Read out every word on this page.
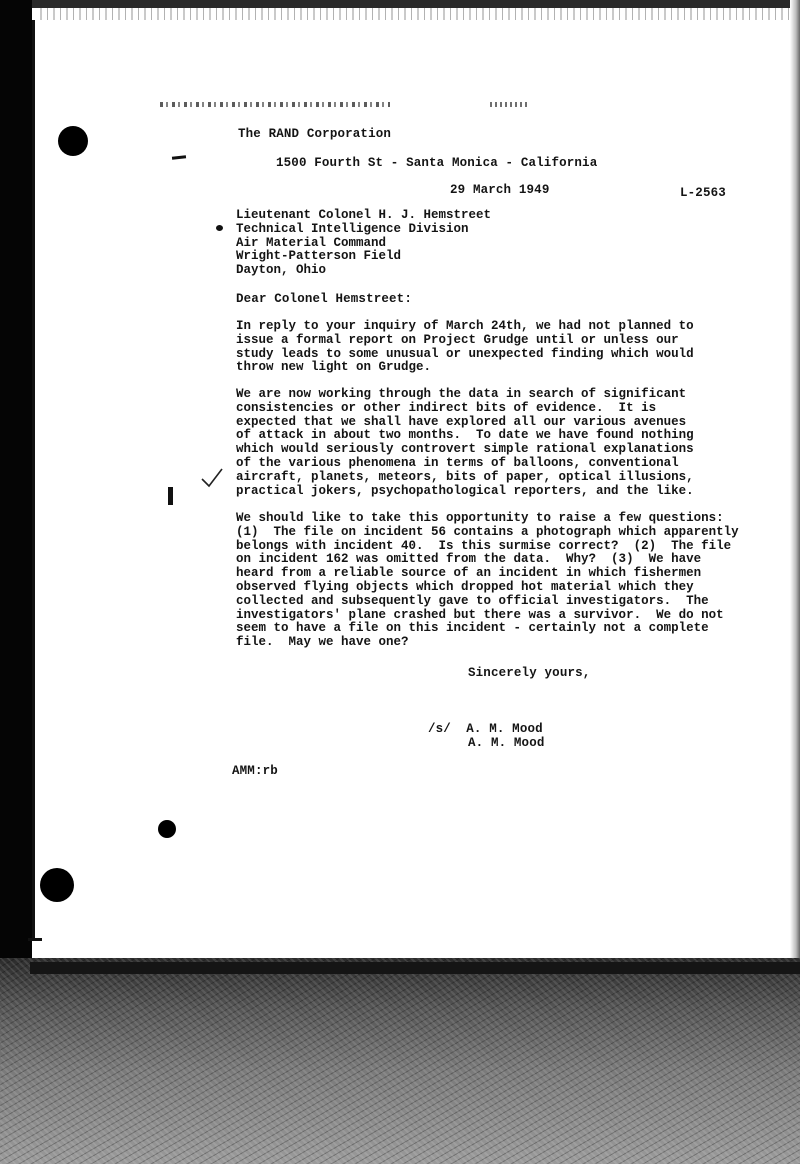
The RAND Corporation
1500 Fourth St - Santa Monica - California
29 March 1949	L-2563
Lieutenant Colonel H. J. Hemstreet
Technical Intelligence Division
Air Material Command
Wright-Patterson Field
Dayton, Ohio
Dear Colonel Hemstreet:
In reply to your inquiry of March 24th, we had not planned to
issue a formal report on Project Grudge until or unless our
study leads to some unusual or unexpected finding which would
throw new light on Grudge.
We are now working through the data in search of significant
consistencies or other indirect bits of evidence.  It is
expected that we shall have explored all our various avenues
of attack in about two months.  To date we have found nothing
which would seriously controvert simple rational explanations
of the various phenomena in terms of balloons, conventional
aircraft, planets, meteors, bits of paper, optical illusions,
practical jokers, psychopathological reporters, and the like.
We should like to take this opportunity to raise a few questions:
(1)  The file on incident 56 contains a photograph which apparently
belongs with incident 40.  Is this surmise correct?  (2)  The file
on incident 162 was omitted from the data.  Why?  (3)  We have
heard from a reliable source of an incident in which fishermen
observed flying objects which dropped hot material which they
collected and subsequently gave to official investigators.  The
investigators' plane crashed but there was a survivor.  We do not
seem to have a file on this incident - certainly not a complete
file.  May we have one?
Sincerely yours,
/s/  A. M. Mood
A. M. Mood
AMM:rb
